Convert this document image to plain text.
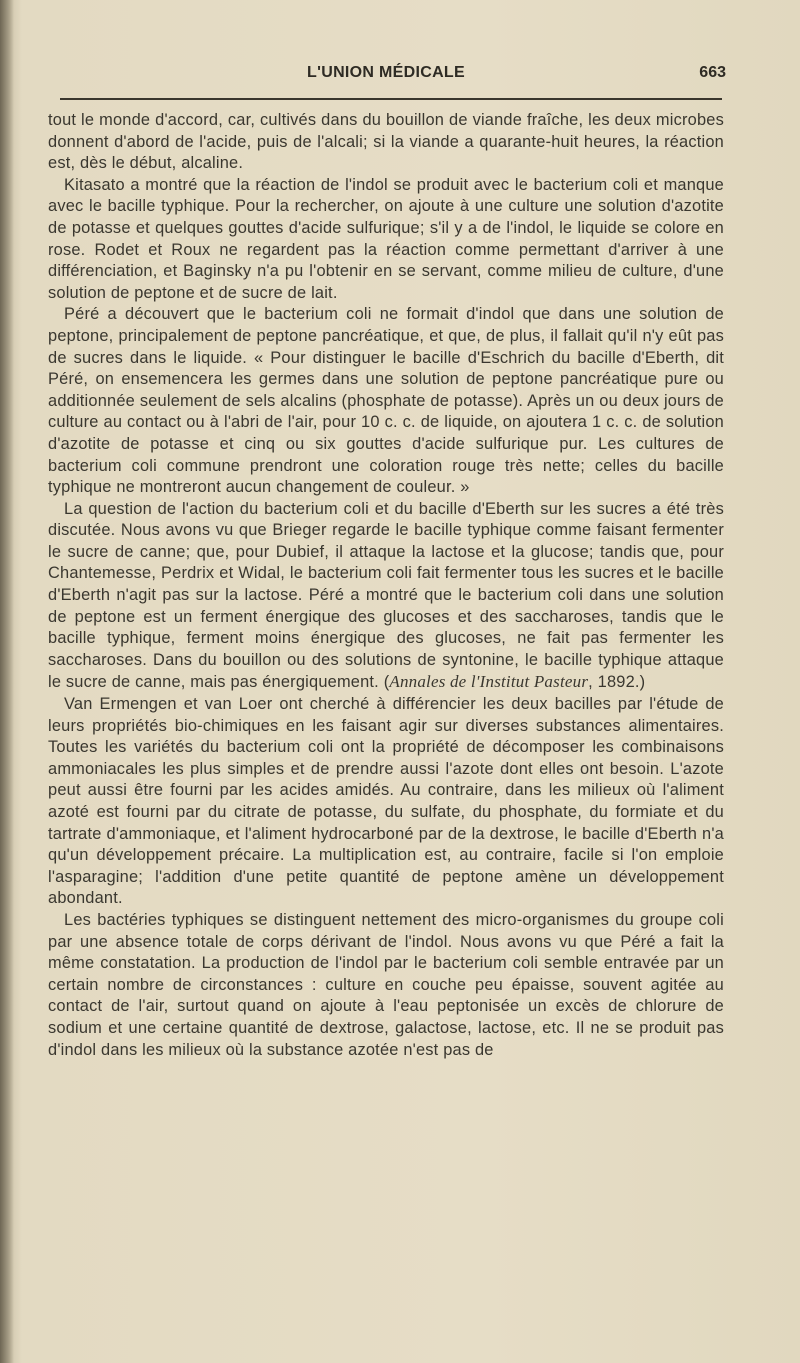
L'UNION MÉDICALE	663

tout le monde d'accord, car, cultivés dans du bouillon de viande fraîche, les deux microbes donnent d'abord de l'acide, puis de l'alcali; si la viande a quarante-huit heures, la réaction est, dès le début, alcaline.

Kitasato a montré que la réaction de l'indol se produit avec le bacterium coli et manque avec le bacille typhique. Pour la rechercher, on ajoute à une culture une solution d'azotite de potasse et quelques gouttes d'acide sulfurique; s'il y a de l'indol, le liquide se colore en rose. Rodet et Roux ne regardent pas la réaction comme permettant d'arriver à une différenciation, et Baginsky n'a pu l'obtenir en se servant, comme milieu de culture, d'une solution de peptone et de sucre de lait.

Péré a découvert que le bacterium coli ne formait d'indol que dans une solution de peptone, principalement de peptone pancréatique, et que, de plus, il fallait qu'il n'y eût pas de sucres dans le liquide. « Pour distinguer le bacille d'Eschrich du bacille d'Eberth, dit Péré, on ensemencera les germes dans une solution de peptone pancréatique pure ou additionnée seulement de sels alcalins (phosphate de potasse). Après un ou deux jours de culture au contact ou à l'abri de l'air, pour 10 c. c. de liquide, on ajoutera 1 c. c. de solution d'azotite de potasse et cinq ou six gouttes d'acide sulfurique pur. Les cultures de bacterium coli commune prendront une coloration rouge très nette; celles du bacille typhique ne montreront aucun changement de couleur. »

La question de l'action du bacterium coli et du bacille d'Eberth sur les sucres a été très discutée. Nous avons vu que Brieger regarde le bacille typhique comme faisant fermenter le sucre de canne; que, pour Dubief, il attaque la lactose et la glucose; tandis que, pour Chantemesse, Perdrix et Widal, le bacterium coli fait fermenter tous les sucres et le bacille d'Eberth n'agit pas sur la lactose. Péré a montré que le bacterium coli dans une solution de peptone est un ferment énergique des glucoses et des saccharoses, tandis que le bacille typhique, ferment moins énergique des glucoses, ne fait pas fermenter les saccharoses. Dans du bouillon ou des solutions de syntonine, le bacille typhique attaque le sucre de canne, mais pas énergiquement. (Annales de l'Institut Pasteur, 1892.)

Van Ermengen et van Loer ont cherché à différencier les deux bacilles par l'étude de leurs propriétés bio-chimiques en les faisant agir sur diverses substances alimentaires. Toutes les variétés du bacterium coli ont la propriété de décomposer les combinaisons ammoniacales les plus simples et de prendre aussi l'azote dont elles ont besoin. L'azote peut aussi être fourni par les acides amidés. Au contraire, dans les milieux où l'aliment azoté est fourni par du citrate de potasse, du sulfate, du phosphate, du formiate et du tartrate d'ammoniaque, et l'aliment hydrocarboné par de la dextrose, le bacille d'Eberth n'a qu'un développement précaire. La multiplication est, au contraire, facile si l'on emploie l'asparagine; l'addition d'une petite quantité de peptone amène un développement abondant.

Les bactéries typhiques se distinguent nettement des micro-organismes du groupe coli par une absence totale de corps dérivant de l'indol. Nous avons vu que Péré a fait la même constatation. La production de l'indol par le bacterium coli semble entravée par un certain nombre de circonstances : culture en couche peu épaisse, souvent agitée au contact de l'air, surtout quand on ajoute à l'eau peptonisée un excès de chlorure de sodium et une certaine quantité de dextrose, galactose, lactose, etc. Il ne se produit pas d'indol dans les milieux où la substance azotée n'est pas de
